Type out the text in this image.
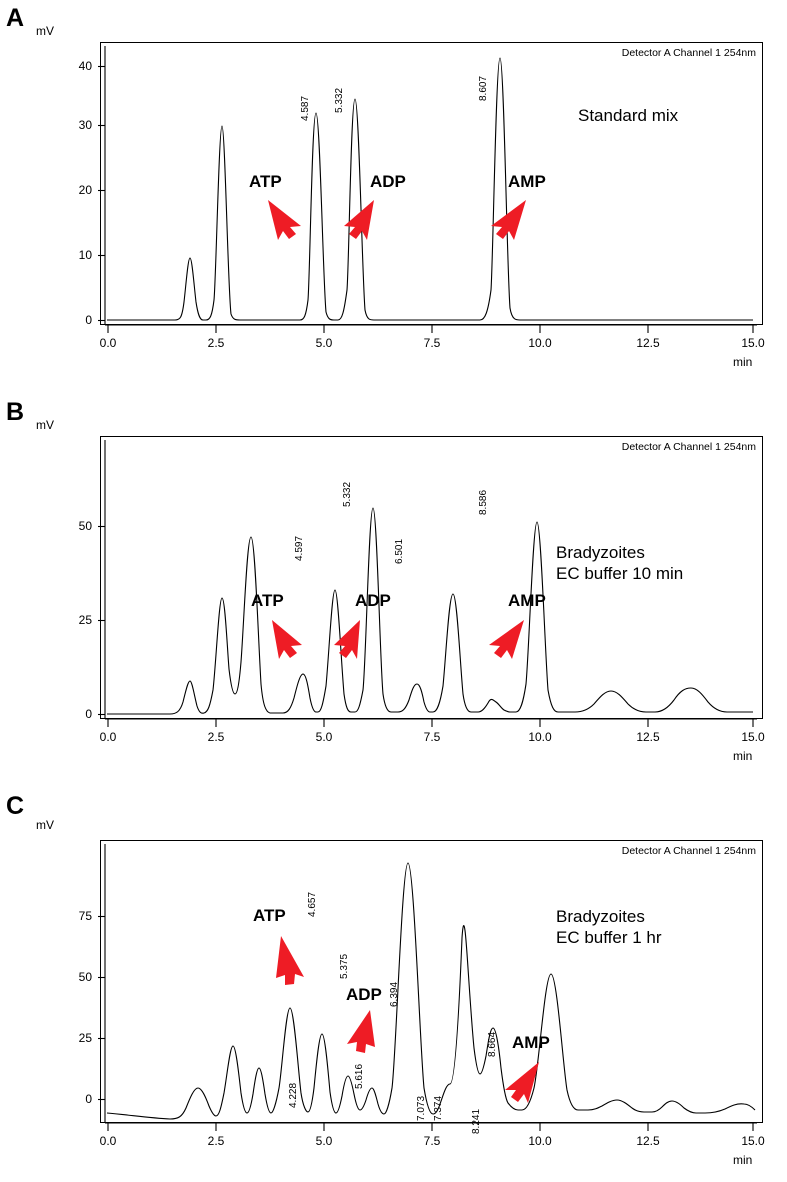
A mV
Detector A Channel 1 254nm
Standard mix
4.587 5.332	8.607
ATP	ADP	AMP
0
10
20
30
40
0.0	2.5	5.0	7.5	10.0	12.5	15.0
min
B mV
Detector A Channel 1 254nm
Bradyzoites
EC buffer 10 min
4.597
5.332
6.501
8.586
ATP	ADP	AMP
0
25
50
0.0	2.5	5.0	7.5	10.0	12.5	15.0
min
C
mV
Detector A Channel 1 254nm
Bradyzoites
EC buffer 1 hr
4.228
4.657
5.375
5.616
6.394
7.073 7.374
8.241
8.664
ATP
ADP
AMP
0
25
50
75
0.0	2.5	5.0	7.5	10.0	12.5	15.0
min
